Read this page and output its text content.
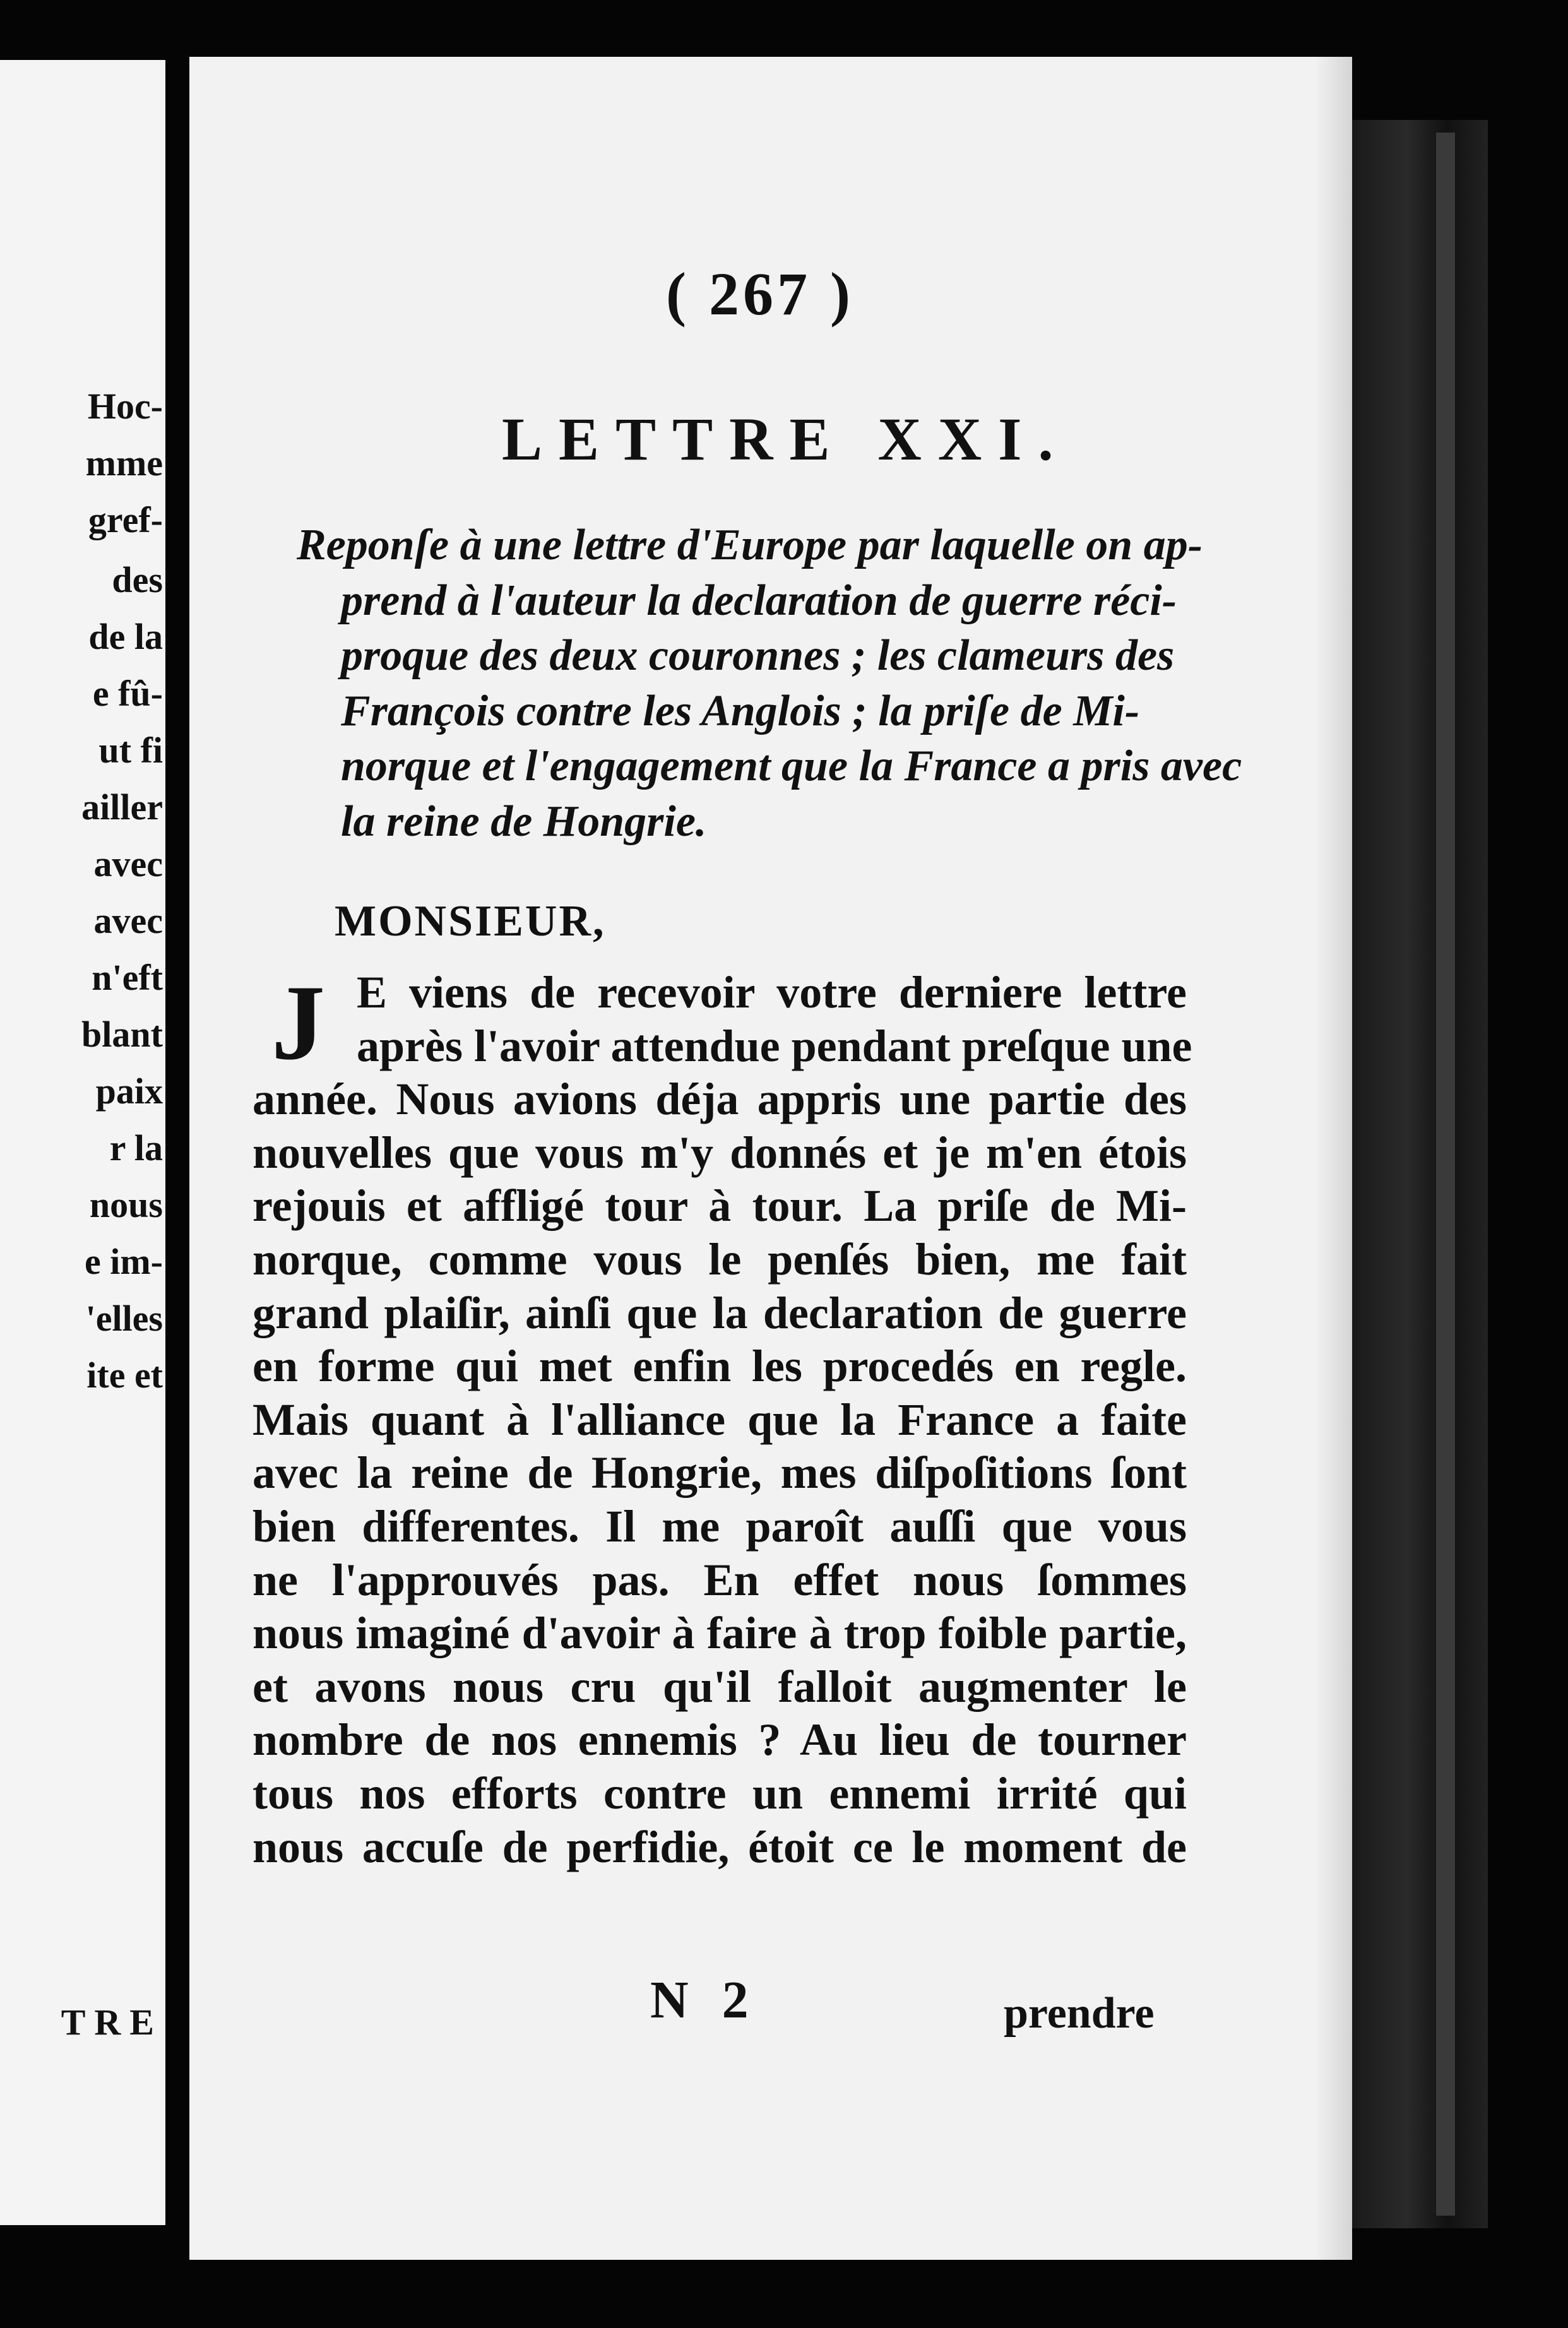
Hoc-
mme
gref-
des
de la
e fû-
ut fi
ailler
avec
avec
n'eft
blant
paix
r la
nous
e im-
'elles
ite et
TRE
( 267 )
LETTRE XXI.
Reponſe à une lettre d'Europe par laquelle on ap-
prend à l'auteur la declaration de guerre réci-
proque des deux couronnes ; les clameurs des
François contre les Anglois ; la priſe de Mi-
norque et l'engagement que la France a pris avec
la reine de Hongrie.
MONSIEUR,
J E viens de recevoir votre derniere lettre
après l'avoir attendue pendant preſque une
année. Nous avions déja appris une partie des
nouvelles que vous m'y donnés et je m'en étois
rejouis et affligé tour à tour. La priſe de Mi-
norque, comme vous le penſés bien, me fait
grand plaiſir, ainſi que la declaration de guerre
en forme qui met enfin les procedés en regle.
Mais quant à l'alliance que la France a faite
avec la reine de Hongrie, mes diſpoſitions ſont
bien differentes. Il me paroît auſſi que vous
ne l'approuvés pas. En effet nous ſommes
nous imaginé d'avoir à faire à trop foible partie,
et avons nous cru qu'il falloit augmenter le
nombre de nos ennemis ? Au lieu de tourner
tous nos efforts contre un ennemi irrité qui
nous accuſe de perfidie, étoit ce le moment de
N 2	prendre
